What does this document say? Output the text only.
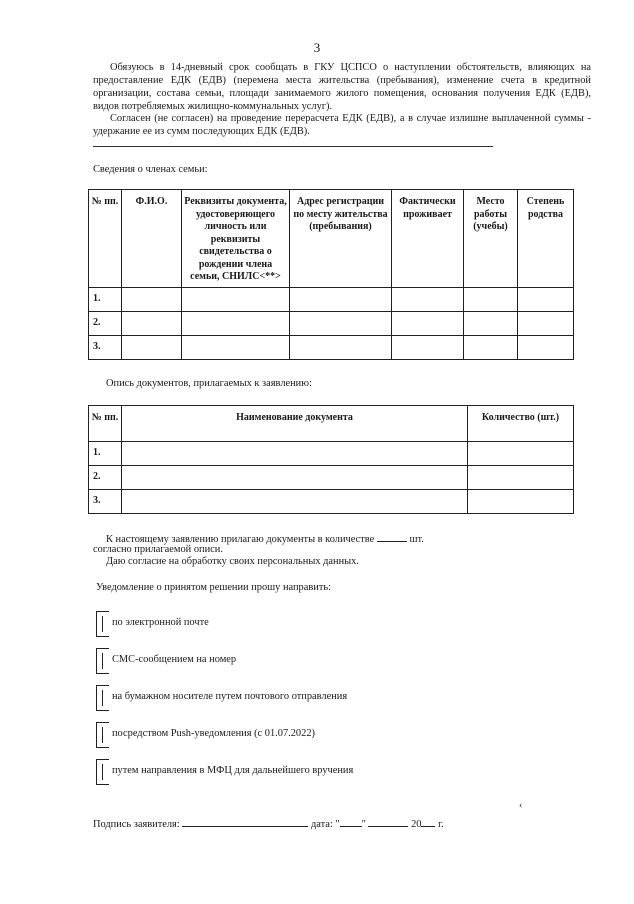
3
Обязуюсь в 14-дневный срок сообщать в ГКУ ЦСПСО о наступлении обстоятельств, влияющих на предоставление ЕДК (ЕДВ) (перемена места жительства (пребывания), изменение счета в кредитной организации, состава семьи, площади занимаемого жилого помещения, основания получения ЕДК (ЕДВ), видов потребляемых жилищно-коммунальных услуг).
Согласен (не согласен) на проведение перерасчета ЕДК (ЕДВ), а в случае излишне выплаченной суммы - удержание ее из сумм последующих ЕДК (ЕДВ).
Сведения о членах семьи:
№ пп.	Ф.И.О.	Реквизиты документа, удостоверяющего личность или реквизиты свидетельства о рождении члена семьи, СНИЛС<**>	Адрес регистрации по месту жительства (пребывания)	Фактически проживает	Место работы (учебы)	Степень родства
1.						
2.						
3.						
Опись документов, прилагаемых к заявлению:
№ пп.	Наименование документа	Количество (шт.)
1.		
2.		
3.		
К настоящему заявлению прилагаю документы в количестве	шт.
согласно прилагаемой описи.
Даю согласие на обработку своих персональных данных.
Уведомление о принятом решении прошу направить:
по электронной почте
СМС-сообщением на номер
на бумажном носителе путем почтового отправления
посредством Push-уведомления (с 01.07.2022)
путем направления в МФЦ для дальнейшего вручения
‹
Подпись заявителя:	дата: " "	20 г.
